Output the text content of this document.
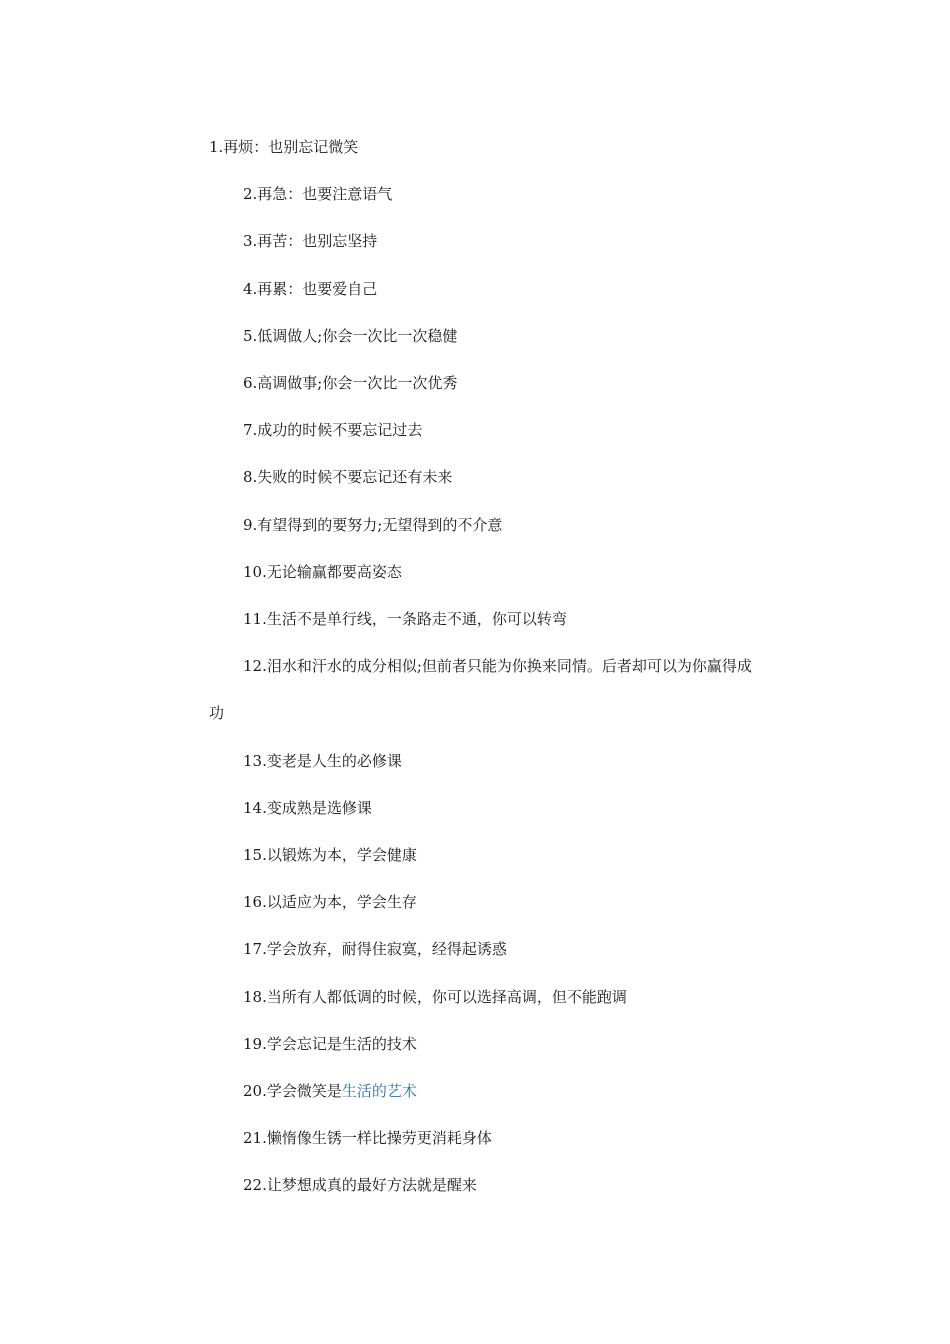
1.再烦：也别忘记微笑
2.再急：也要注意语气
3.再苦：也别忘坚持
4.再累：也要爱自己
5.低调做人;你会一次比一次稳健
6.高调做事;你会一次比一次优秀
7.成功的时候不要忘记过去
8.失败的时候不要忘记还有未来
9.有望得到的要努力;无望得到的不介意
10.无论输赢都要高姿态
11.生活不是单行线，一条路走不通，你可以转弯
12.泪水和汗水的成分相似;但前者只能为你换来同情。后者却可以为你赢得成
功
13.变老是人生的必修课
14.变成熟是选修课
15.以锻炼为本，学会健康
16.以适应为本，学会生存
17.学会放弃，耐得住寂寞，经得起诱惑
18.当所有人都低调的时候，你可以选择高调，但不能跑调
19.学会忘记是生活的技术
20.学会微笑是生活的艺术
21.懒惰像生锈一样比操劳更消耗身体
22.让梦想成真的最好方法就是醒来
